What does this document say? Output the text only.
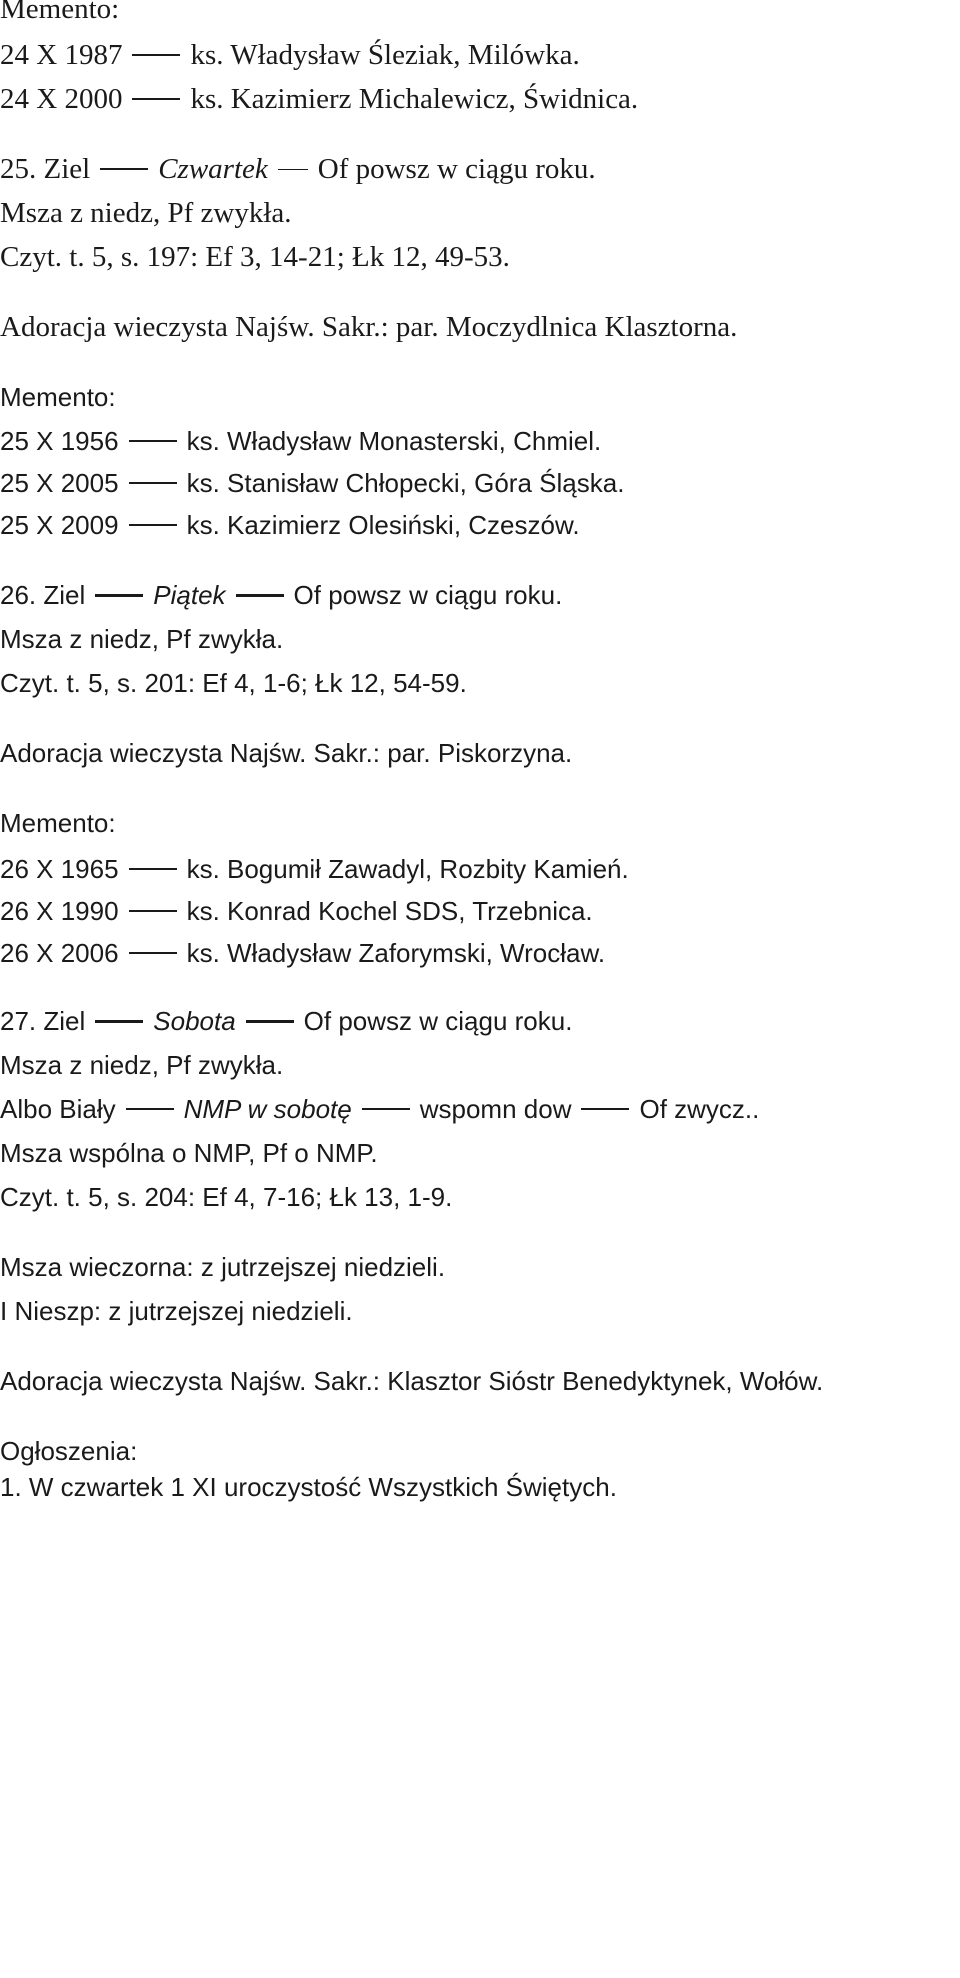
Memento:
24 X 1987 ks. Władysław Śleziak, Milówka.
24 X 2000 ks. Kazimierz Michalewicz, Świdnica.
25. Ziel Czwartek Of powsz w ciągu roku.
Msza z niedz, Pf zwykła.
Czyt. t. 5, s. 197: Ef 3, 14-21; Łk 12, 49-53.
Adoracja wieczysta Najśw. Sakr.: par. Moczydlnica Klasztorna.
Memento:
25 X 1956	ks. Władysław Monasterski, Chmiel.
25 X 2005	ks. Stanisław Chłopecki, Góra Śląska.
25 X 2009	ks. Kazimierz Olesiński, Czeszów.
26. Ziel	Piątek	Of powsz w ciągu roku.
Msza z niedz, Pf zwykła.
Czyt. t. 5, s. 201: Ef 4, 1-6; Łk 12, 54-59.
Adoracja wieczysta Najśw. Sakr.: par. Piskorzyna.
Memento:
26 X 1965	ks. Bogumił Zawadyl, Rozbity Kamień.
26 X 1990	ks. Konrad Kochel SDS, Trzebnica.
26 X 2006	ks. Władysław Zaforymski, Wrocław.
27. Ziel	Sobota	Of powsz w ciągu roku.
Msza z niedz, Pf zwykła.
Albo Biały	NMP w sobotę	wspomn dow	Of zwycz..
Msza wspólna o NMP, Pf o NMP.
Czyt. t. 5, s. 204: Ef 4, 7-16; Łk 13, 1-9.
Msza wieczorna: z jutrzejszej niedzieli.
I Nieszp: z jutrzejszej niedzieli.
Adoracja wieczysta Najśw. Sakr.: Klasztor Sióstr Benedyktynek, Wołów.
Ogłoszenia:
1. W czwartek 1 XI uroczystość Wszystkich Świętych.
